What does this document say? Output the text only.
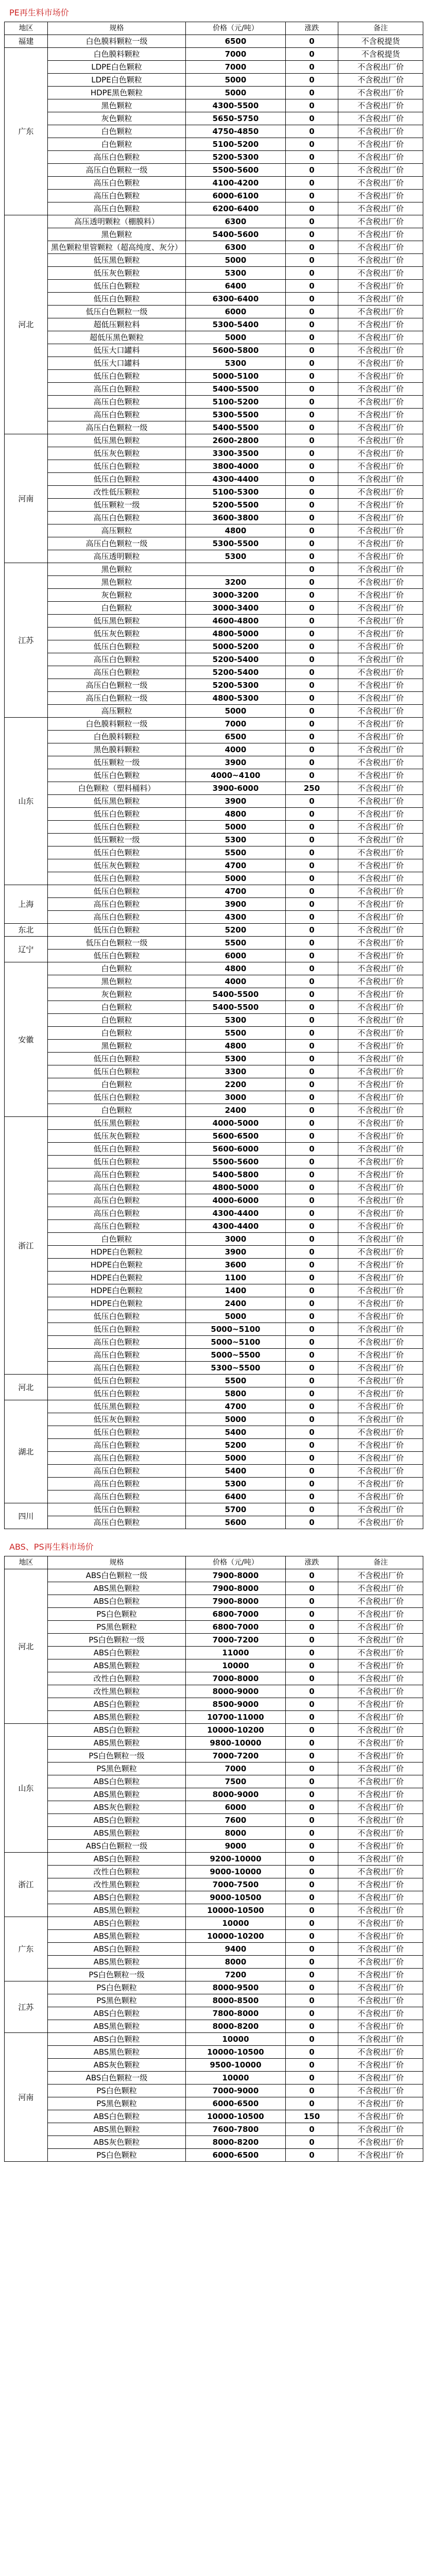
PE再生料市场价
地区	规格	价格（元/吨）	涨跌	备注
福建	白色膜料颗粒一级	6500	0	不含税提货
广东	白色膜料颗粒	7000	0	不含税提货
	LDPE白色颗粒	7000	0	不含税出厂价
	LDPE白色颗粒	5000	0	不含税出厂价
	HDPE黑色颗粒	5000	0	不含税出厂价
	黑色颗粒	4300-5500	0	不含税出厂价
	灰色颗粒	5650-5750	0	不含税出厂价
	白色颗粒	4750-4850	0	不含税出厂价
	白色颗粒	5100-5200	0	不含税出厂价
	高压白色颗粒	5200-5300	0	不含税出厂价
	高压白色颗粒一级	5500-5600	0	不含税出厂价
	高压白色颗粒	4100-4200	0	不含税出厂价
	高压白色颗粒	6000-6100	0	不含税出厂价
	高压白色颗粒	6200-6400	0	不含税出厂价
河北	高压透明颗粒（棚膜料）	6300	0	不含税出厂价
	黑色颗粒	5400-5600	0	不含税出厂价
	黑色颗粒里管颗粒（超高纯度、灰分）	6300	0	不含税出厂价
	低压黑色颗粒	5000	0	不含税出厂价
	低压灰色颗粒	5300	0	不含税出厂价
	低压白色颗粒	6400	0	不含税出厂价
	低压白色颗粒	6300-6400	0	不含税出厂价
	低压白色颗粒一级	6000	0	不含税出厂价
	超低压颗粒料	5300-5400	0	不含税出厂价
	超低压黑色颗粒	5000	0	不含税出厂价
	低压大口罐料	5600-5800	0	不含税出厂价
	低压大口罐料	5300	0	不含税出厂价
	低压白色颗粒	5000-5100	0	不含税出厂价
	高压白色颗粒	5400-5500	0	不含税出厂价
	高压白色颗粒	5100-5200	0	不含税出厂价
	高压白色颗粒	5300-5500	0	不含税出厂价
	高压白色颗粒一级	5400-5500	0	不含税出厂价
河南	低压黑色颗粒	2600-2800	0	不含税出厂价
	低压灰色颗粒	3300-3500	0	不含税出厂价
	低压白色颗粒	3800-4000	0	不含税出厂价
	低压白色颗粒	4300-4400	0	不含税出厂价
	改性低压颗粒	5100-5300	0	不含税出厂价
	低压颗粒一级	5200-5500	0	不含税出厂价
	高压白色颗粒	3600-3800	0	不含税出厂价
	高压颗粒	4800	0	不含税出厂价
	高压白色颗粒一级	5300-5500	0	不含税出厂价
	高压透明颗粒	5300	0	不含税出厂价
江苏	黑色颗粒		0	不含税出厂价
	黑色颗粒	3200	0	不含税出厂价
	灰色颗粒	3000-3200	0	不含税出厂价
	白色颗粒	3000-3400	0	不含税出厂价
	低压黑色颗粒	4600-4800	0	不含税出厂价
	低压灰色颗粒	4800-5000	0	不含税出厂价
	低压白色颗粒	5000-5200	0	不含税出厂价
	高压白色颗粒	5200-5400	0	不含税出厂价
	高压白色颗粒	5200-5400	0	不含税出厂价
	高压白色颗粒一级	5200-5300	0	不含税出厂价
	高压白色颗粒一级	4800-5300	0	不含税出厂价
	高压颗粒	5000	0	不含税出厂价
山东	白色膜料颗粒一级	7000	0	不含税出厂价
	白色膜料颗粒	6500	0	不含税出厂价
	黑色膜料颗粒	4000	0	不含税出厂价
	低压颗粒一级	3900	0	不含税出厂价
	低压白色颗粒	4000~4100	0	不含税出厂价
	白色颗粒（塑料桶料）	3900-6000	250	不含税出厂价
	低压黑色颗粒	3900	0	不含税出厂价
	低压白色颗粒	4800	0	不含税出厂价
	低压白色颗粒	5000	0	不含税出厂价
	低压颗粒一级	5300	0	不含税出厂价
	低压白色颗粒	5500	0	不含税出厂价
	低压灰色颗粒	4700	0	不含税出厂价
	低压白色颗粒	5000	0	不含税出厂价
上海	低压白色颗粒	4700	0	不含税出厂价
	高压白色颗粒	3900	0	不含税出厂价
	高压白色颗粒	4300	0	不含税出厂价
东北	低压白色颗粒	5200	0	不含税出厂价
辽宁	低压白色颗粒一级	5500	0	不含税出厂价
	低压白色颗粒	6000	0	不含税出厂价
安徽	白色颗粒	4800	0	不含税出厂价
	黑色颗粒	4000	0	不含税出厂价
	灰色颗粒	5400-5500	0	不含税出厂价
	白色颗粒	5400-5500	0	不含税出厂价
	白色颗粒	5300	0	不含税出厂价
	白色颗粒	5500	0	不含税出厂价
	黑色颗粒	4800	0	不含税出厂价
	低压白色颗粒	5300	0	不含税出厂价
	低压白色颗粒	3300	0	不含税出厂价
	白色颗粒	2200	0	不含税出厂价
	低压白色颗粒	3000	0	不含税出厂价
	白色颗粒	2400	0	不含税出厂价
浙江	低压黑色颗粒	4000-5000	0	不含税出厂价
	低压灰色颗粒	5600-6500	0	不含税出厂价
	低压白色颗粒	5600-6000	0	不含税出厂价
	低压白色颗粒	5500-5600	0	不含税出厂价
	高压白色颗粒	5400-5800	0	不含税出厂价
	高压白色颗粒	4800-5000	0	不含税出厂价
	高压白色颗粒	4000-6000	0	不含税出厂价
	高压白色颗粒	4300-4400	0	不含税出厂价
	高压白色颗粒	4300-4400	0	不含税出厂价
	白色颗粒	3000	0	不含税出厂价
	HDPE白色颗粒	3900	0	不含税出厂价
	HDPE白色颗粒	3600	0	不含税出厂价
	HDPE白色颗粒	1100	0	不含税出厂价
	HDPE白色颗粒	1400	0	不含税出厂价
	HDPE白色颗粒	2400	0	不含税出厂价
	低压白色颗粒	5000	0	不含税出厂价
	低压白色颗粒	5000~5100	0	不含税出厂价
	高压白色颗粒	5000~5100	0	不含税出厂价
	高压白色颗粒	5000~5500	0	不含税出厂价
	高压白色颗粒	5300~5500	0	不含税出厂价
河北	低压白色颗粒	5500	0	不含税出厂价
	低压白色颗粒	5800	0	不含税出厂价
湖北	低压黑色颗粒	4700	0	不含税出厂价
	低压灰色颗粒	5000	0	不含税出厂价
	低压白色颗粒	5400	0	不含税出厂价
	高压白色颗粒	5200	0	不含税出厂价
	高压白色颗粒	5000	0	不含税出厂价
	高压白色颗粒	5400	0	不含税出厂价
	高压白色颗粒	5300	0	不含税出厂价
	高压白色颗粒	6400	0	不含税出厂价
四川	低压白色颗粒	5700	0	不含税出厂价
	高压白色颗粒	5600	0	不含税出厂价
ABS、PS再生料市场价
地区	规格	价格（元/吨）	涨跌	备注
河北	ABS白色颗粒一级	7900-8000	0	不含税出厂价
	ABS黑色颗粒	7900-8000	0	不含税出厂价
	ABS白色颗粒	7900-8000	0	不含税出厂价
	PS白色颗粒	6800-7000	0	不含税出厂价
	PS黑色颗粒	6800-7000	0	不含税出厂价
	PS白色颗粒一级	7000-7200	0	不含税出厂价
	ABS白色颗粒	11000	0	不含税出厂价
	ABS黑色颗粒	10000	0	不含税出厂价
	改性白色颗粒	7000-8000	0	不含税出厂价
	改性黑色颗粒	8000-9000	0	不含税出厂价
	ABS白色颗粒	8500-9000	0	不含税出厂价
	ABS黑色颗粒	10700-11000	0	不含税出厂价
山东	ABS白色颗粒	10000-10200	0	不含税出厂价
	ABS黑色颗粒	9800-10000	0	不含税出厂价
	PS白色颗粒一级	7000-7200	0	不含税出厂价
	PS黑色颗粒	7000	0	不含税出厂价
	ABS白色颗粒	7500	0	不含税出厂价
	ABS黑色颗粒	8000-9000	0	不含税出厂价
	ABS灰色颗粒	6000	0	不含税出厂价
	ABS白色颗粒	7600	0	不含税出厂价
	ABS黑色颗粒	8000	0	不含税出厂价
	ABS白色颗粒一级	9000	0	不含税出厂价
浙江	ABS白色颗粒	9200-10000	0	不含税出厂价
	改性白色颗粒	9000-10000	0	不含税出厂价
	改性黑色颗粒	7000-7500	0	不含税出厂价
	ABS白色颗粒	9000-10500	0	不含税出厂价
	ABS黑色颗粒	10000-10500	0	不含税出厂价
广东	ABS白色颗粒	10000	0	不含税出厂价
	ABS黑色颗粒	10000-10200	0	不含税出厂价
	ABS白色颗粒	9400	0	不含税出厂价
	ABS黑色颗粒	8000	0	不含税出厂价
	PS白色颗粒一级	7200	0	不含税出厂价
江苏	PS白色颗粒	8000-9500	0	不含税出厂价
	PS黑色颗粒	8000-8500	0	不含税出厂价
	ABS白色颗粒	7800-8000	0	不含税出厂价
	ABS黑色颗粒	8000-8200	0	不含税出厂价
河南	ABS白色颗粒	10000	0	不含税出厂价
	ABS黑色颗粒	10000-10500	0	不含税出厂价
	ABS灰色颗粒	9500-10000	0	不含税出厂价
	ABS白色颗粒一级	10000	0	不含税出厂价
	PS白色颗粒	7000-9000	0	不含税出厂价
	PS黑色颗粒	6000-6500	0	不含税出厂价
	ABS白色颗粒	10000-10500	150	不含税出厂价
	ABS黑色颗粒	7600-7800	0	不含税出厂价
	ABS灰色颗粒	8000-8200	0	不含税出厂价
	PS白色颗粒	6000-6500	0	不含税出厂价
